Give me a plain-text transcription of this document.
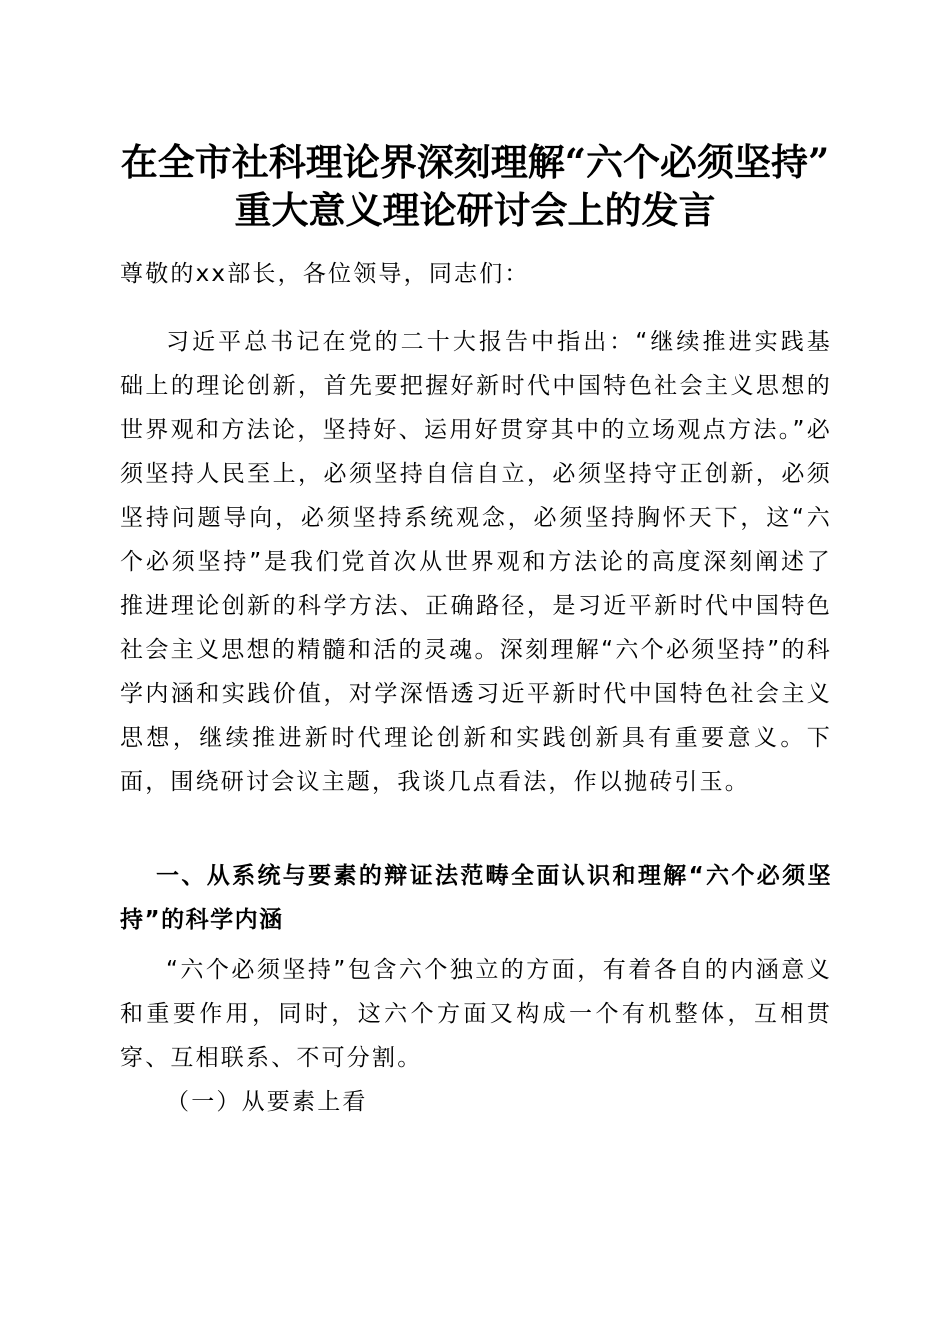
在全市社科理论界深刻理解“六个必须坚持”
重大意义理论研讨会上的发言
尊敬的xx部长，各位领导，同志们：
习近平总书记在党的二十大报告中指出：“继续推进实践基础上的理论创新，首先要把握好新时代中国特色社会主义思想的世界观和方法论，坚持好、运用好贯穿其中的立场观点方法。”必须坚持人民至上，必须坚持自信自立，必须坚持守正创新，必须坚持问题导向，必须坚持系统观念，必须坚持胸怀天下，这“六个必须坚持”是我们党首次从世界观和方法论的高度深刻阐述了推进理论创新的科学方法、正确路径，是习近平新时代中国特色社会主义思想的精髓和活的灵魂。深刻理解“六个必须坚持”的科学内涵和实践价值，对学深悟透习近平新时代中国特色社会主义思想，继续推进新时代理论创新和实践创新具有重要意义。下面，围绕研讨会议主题，我谈几点看法，作以抛砖引玉。
一、从系统与要素的辩证法范畴全面认识和理解“六个必须坚持”的科学内涵
“六个必须坚持”包含六个独立的方面，有着各自的内涵意义和重要作用，同时，这六个方面又构成一个有机整体，互相贯穿、互相联系、不可分割。
（一）从要素上看
